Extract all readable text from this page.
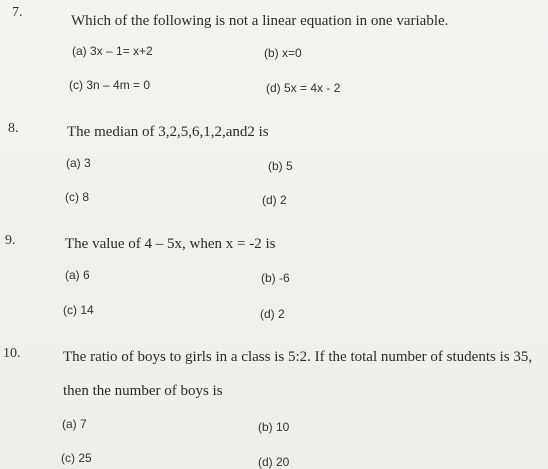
7.
Which of the following is not a linear equation in one variable.
(a) 3x – 1= x+2	(b) x=0
(c) 3n – 4m = 0	(d) 5x = 4x - 2
8.	The median of 3,2,5,6,1,2,and2 is
(a) 3	(b) 5
(c) 8	(d) 2
9.	The value of 4 – 5x, when x = -2 is
(a) 6	(b) -6
(c) 14	(d) 2
10.	The ratio of boys to girls in a class is 5:2. If the total number of students is 35,
then the number of boys is
(a) 7	(b) 10
(c) 25	(d) 20
